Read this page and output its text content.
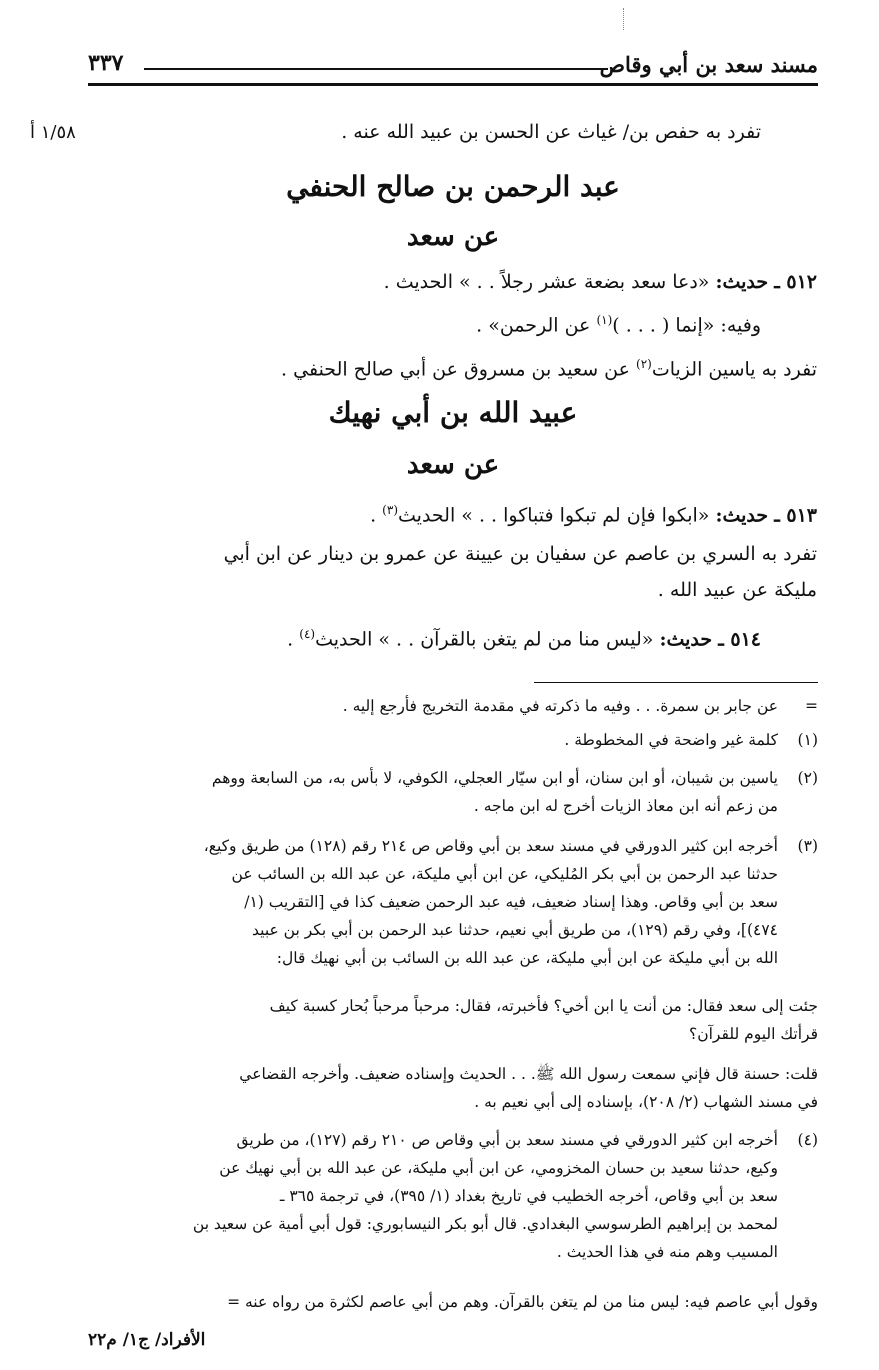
مسند سعد بن أبي وقاص
٣٣٧
١/٥٨ أ	تفرد به حفص بن/ غياث عن الحسن بن عبيد الله عنه .
عبد الرحمن بن صالح الحنفي
عن سعد
٥١٢ ـ حديث: «دعا سعد بضعة عشر رجلاً . . » الحديث .
وفيه: «إنما ( . . . )$^{(١)}$ عن الرحمن» .
تفرد به ياسين الزيات$^{(٢)}$ عن سعيد بن مسروق عن أبي صالح الحنفي .
عبيد الله بن أبي نهيك
عن سعد
٥١٣ ـ حديث: «ابكوا فإن لم تبكوا فتباكوا . . » الحديث$^{(٣)}$ .
تفرد به السري بن عاصم عن سفيان بن عيينة عن عمرو بن دينار عن ابن أبي
مليكة عن عبيد الله .
٥١٤ ـ حديث: «ليس منا من لم يتغن بالقرآن . . » الحديث$^{(٤)}$ .
=
عن جابر بن سمرة. . . وفيه ما ذكرته في مقدمة التخريج فأرجع إليه .
(١)
كلمة غير واضحة في المخطوطة .
(٢)
ياسين بن شيبان، أو ابن سنان، أو ابن سيّار العجلي، الكوفي، لا بأس به، من السابعة ووهم
من زعم أنه ابن معاذ الزيات أخرج له ابن ماجه .
(٣)
أخرجه ابن كثير الدورقي في مسند سعد بن أبي وقاص ص ٢١٤ رقم (١٢٨) من طريق وكيع،
حدثنا عبد الرحمن بن أبي بكر المُليكي، عن ابن أبي مليكة، عن عبد الله بن السائب عن
سعد بن أبي وقاص. وهذا إسناد ضعيف، فيه عبد الرحمن ضعيف كذا في [التقريب (١/
٤٧٤)]، وفي رقم (١٢٩)، من طريق أبي نعيم، حدثنا عبد الرحمن بن أبي بكر بن عبيد
الله بن أبي مليكة عن ابن أبي مليكة، عن عبد الله بن السائب بن أبي نهيك قال:
جئت إلى سعد فقال: من أنت يا ابن أخي؟ فأخبرته، فقال: مرحباً مرحباً بُحار كسبة كيف
قرأتك اليوم للقرآن؟
قلت: حسنة قال فإني سمعت رسول الله ﷺ. . . الحديث وإسناده ضعيف. وأخرجه القضاعي
في مسند الشهاب (٢/ ٢٠٨)، بإسناده إلى أبي نعيم به .
(٤)
أخرجه ابن كثير الدورقي في مسند سعد بن أبي وقاص ص ٢١٠ رقم (١٢٧)، من طريق
وكيع، حدثنا سعيد بن حسان المخزومي، عن ابن أبي مليكة، عن عبد الله بن أبي نهيك عن
سعد بن أبي وقاص، أخرجه الخطيب في تاريخ بغداد (١/ ٣٩٥)، في ترجمة ٣٦٥ ـ
لمحمد بن إبراهيم الطرسوسي البغدادي. قال أبو بكر النيسابوري: قول أبي أمية عن سعيد بن
المسيب وهم منه في هذا الحديث .
وقول أبي عاصم فيه: ليس منا من لم يتغن بالقرآن. وهم من أبي عاصم لكثرة من رواه عنه =
الأفراد/ ج١/ م٢٢
